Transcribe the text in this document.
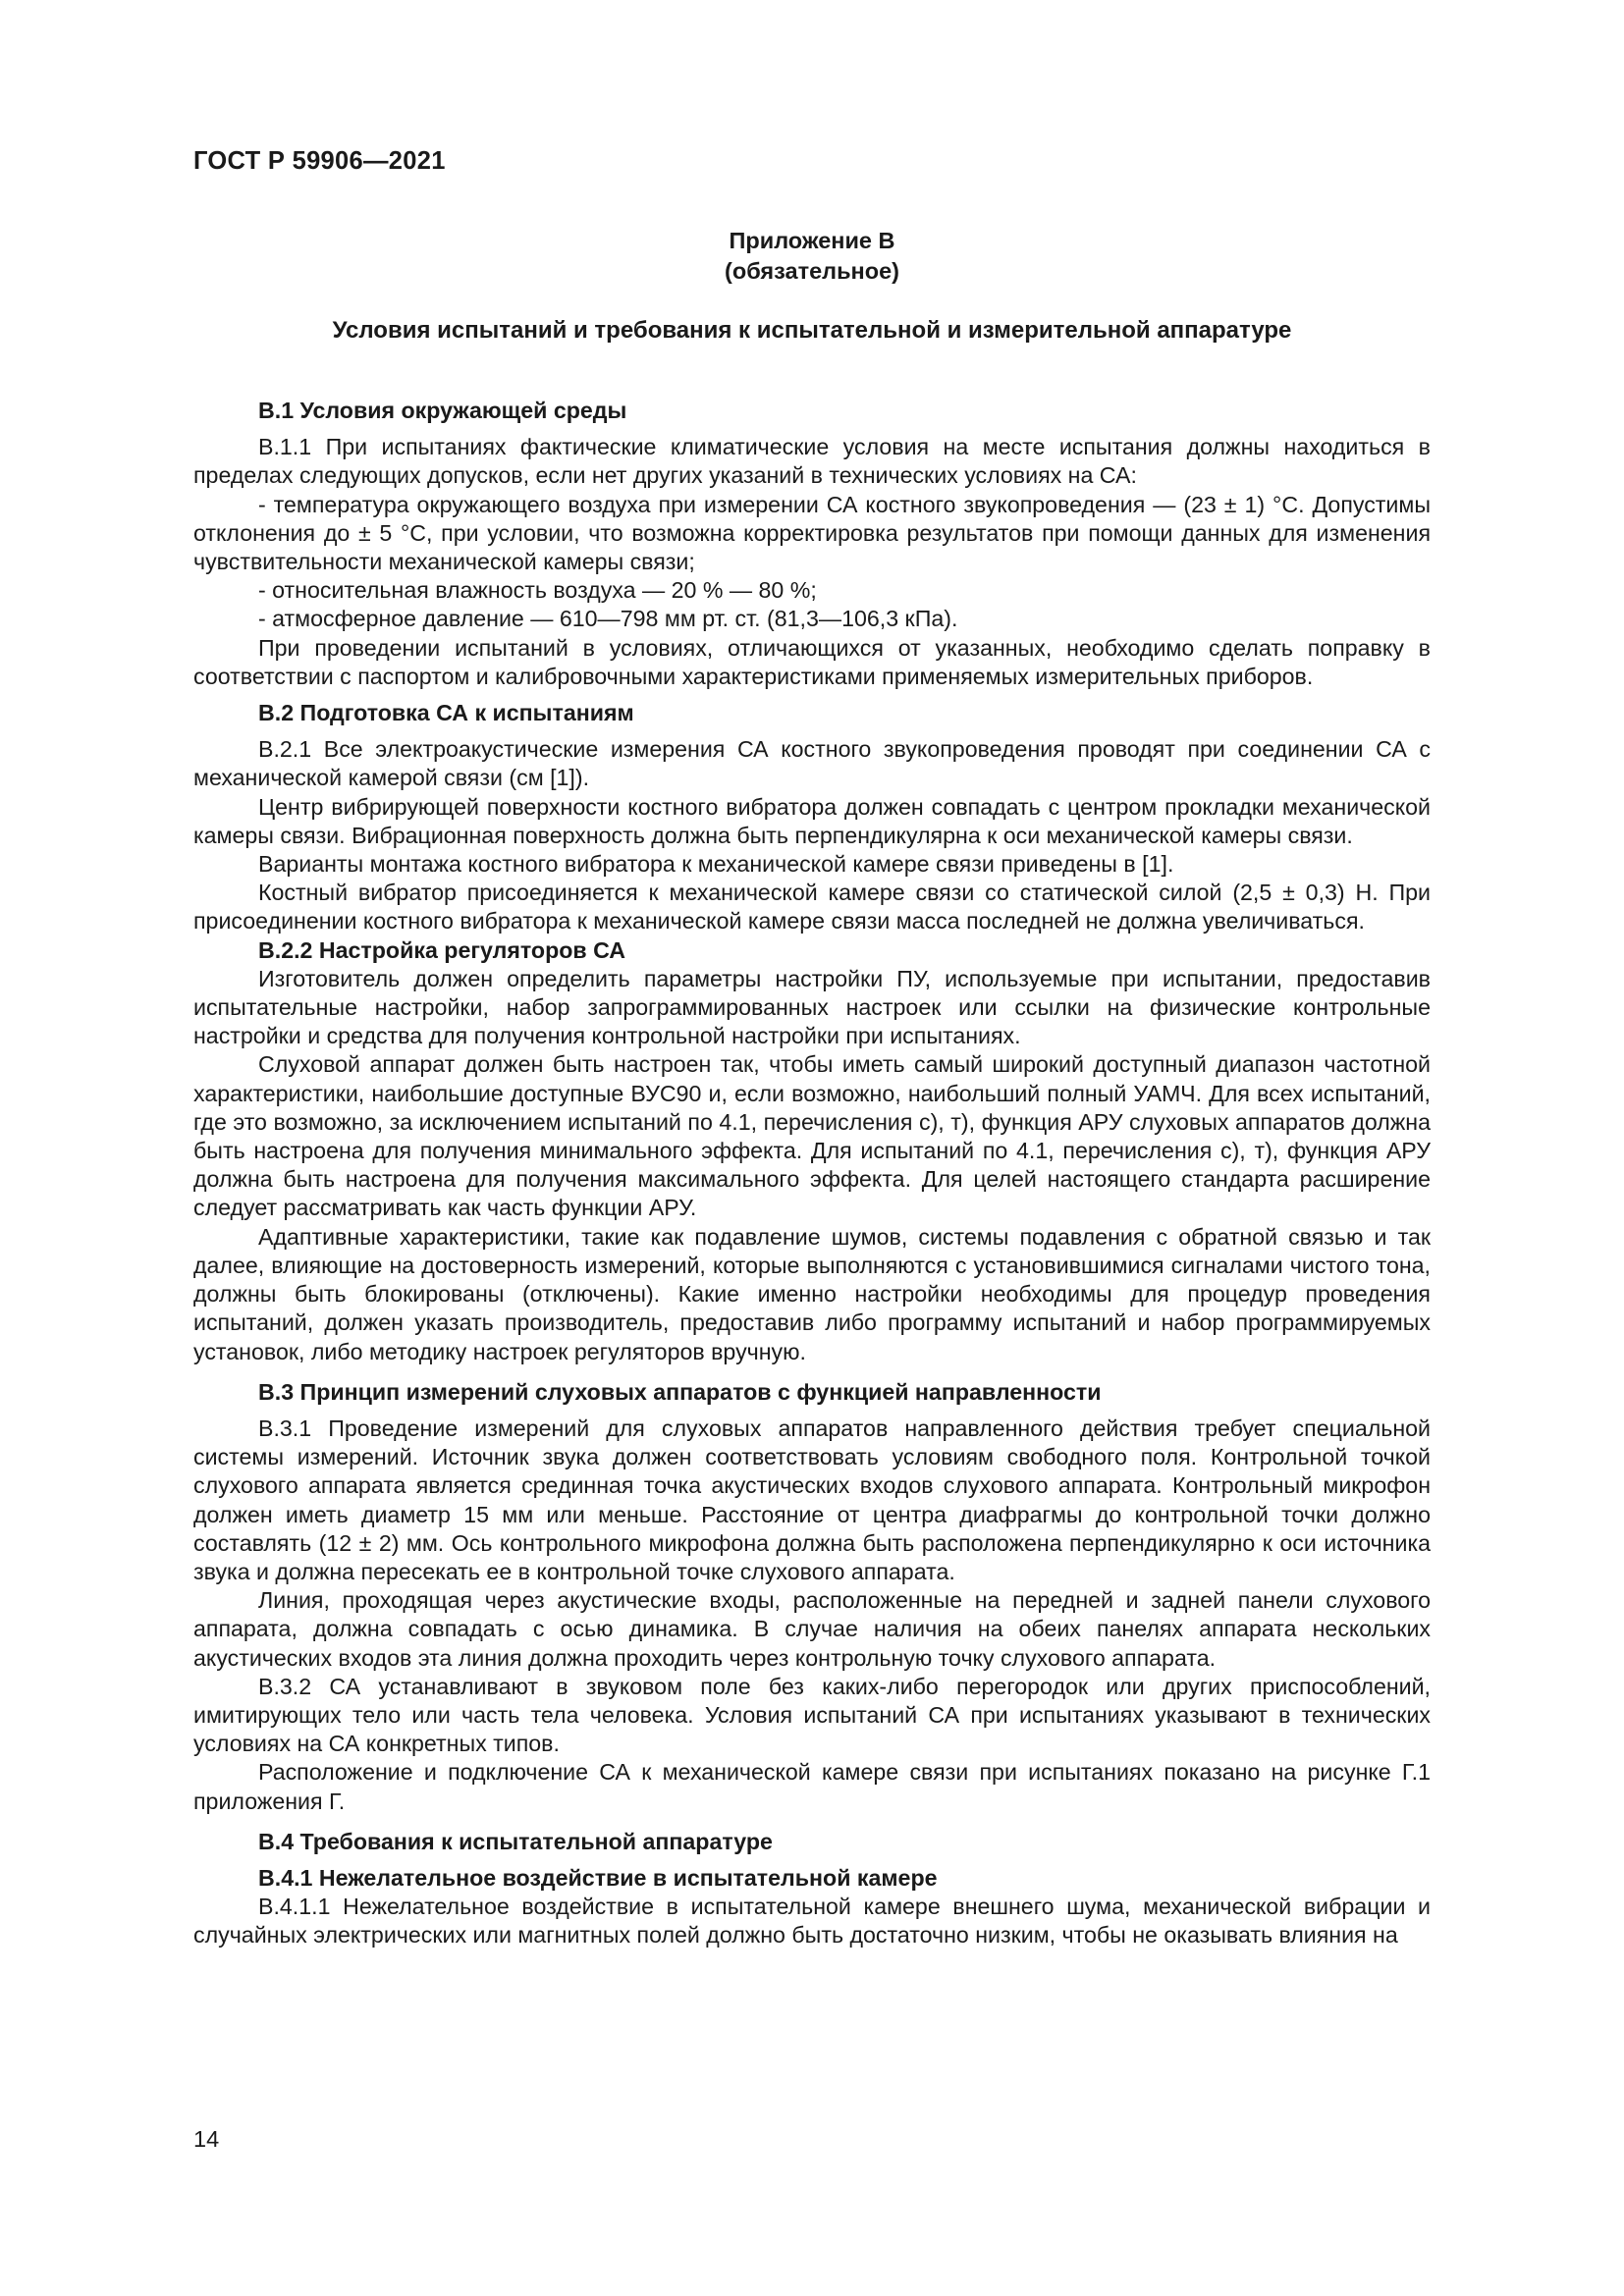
ГОСТ Р 59906—2021
Приложение В
(обязательное)
Условия испытаний и требования к испытательной и измерительной аппаратуре
В.1 Условия окружающей среды

В.1.1 При испытаниях фактические климатические условия на месте испытания должны находиться в пределах следующих допусков, если нет других указаний в технических условиях на СА:

- температура окружающего воздуха при измерении СА костного звукопроведения — (23 ± 1) °С. Допустимы отклонения до ± 5 °С, при условии, что возможна корректировка результатов при помощи данных для изменения чувствительности механической камеры связи;

- относительная влажность воздуха — 20 % — 80 %;

- атмосферное давление — 610—798 мм рт. ст. (81,3—106,3 кПа).

При проведении испытаний в условиях, отличающихся от указанных, необходимо сделать поправку в соответствии с паспортом и калибровочными характеристиками применяемых измерительных приборов.

В.2 Подготовка СА к испытаниям

В.2.1 Все электроакустические измерения СА костного звукопроведения проводят при соединении СА с механической камерой связи (см [1]).

Центр вибрирующей поверхности костного вибратора должен совпадать с центром прокладки механической камеры связи. Вибрационная поверхность должна быть перпендикулярна к оси механической камеры связи.

Варианты монтажа костного вибратора к механической камере связи приведены в [1].

Костный вибратор присоединяется к механической камере связи со статической силой (2,5 ± 0,3) Н. При присоединении костного вибратора к механической камере связи масса последней не должна увеличиваться.

В.2.2 Настройка регуляторов СА

Изготовитель должен определить параметры настройки ПУ, используемые при испытании, предоставив испытательные настройки, набор запрограммированных настроек или ссылки на физические контрольные настройки и средства для получения контрольной настройки при испытаниях.

Слуховой аппарат должен быть настроен так, чтобы иметь самый широкий доступный диапазон частотной характеристики, наибольшие доступные ВУС90 и, если возможно, наибольший полный УАМЧ. Для всех испытаний, где это возможно, за исключением испытаний по 4.1, перечисления с), т), функция АРУ слуховых аппаратов должна быть настроена для получения минимального эффекта. Для испытаний по 4.1, перечисления с), т), функция АРУ должна быть настроена для получения максимального эффекта. Для целей настоящего стандарта расширение следует рассматривать как часть функции АРУ.

Адаптивные характеристики, такие как подавление шумов, системы подавления с обратной связью и так далее, влияющие на достоверность измерений, которые выполняются с установившимися сигналами чистого тона, должны быть блокированы (отключены). Какие именно настройки необходимы для процедур проведения испытаний, должен указать производитель, предоставив либо программу испытаний и набор программируемых установок, либо методику настроек регуляторов вручную.

В.3 Принцип измерений слуховых аппаратов с функцией направленности

В.3.1 Проведение измерений для слуховых аппаратов направленного действия требует специальной системы измерений. Источник звука должен соответствовать условиям свободного поля. Контрольной точкой слухового аппарата является срединная точка акустических входов слухового аппарата. Контрольный микрофон должен иметь диаметр 15 мм или меньше. Расстояние от центра диафрагмы до контрольной точки должно составлять (12 ± 2) мм. Ось контрольного микрофона должна быть расположена перпендикулярно к оси источника звука и должна пересекать ее в контрольной точке слухового аппарата.

Линия, проходящая через акустические входы, расположенные на передней и задней панели слухового аппарата, должна совпадать с осью динамика. В случае наличия на обеих панелях аппарата нескольких акустических входов эта линия должна проходить через контрольную точку слухового аппарата.

В.3.2 СА устанавливают в звуковом поле без каких-либо перегородок или других приспособлений, имитирующих тело или часть тела человека. Условия испытаний СА при испытаниях указывают в технических условиях на СА конкретных типов.

Расположение и подключение СА к механической камере связи при испытаниях показано на рисунке Г.1 приложения Г.

В.4 Требования к испытательной аппаратуре
В.4.1 Нежелательное воздействие в испытательной камере

В.4.1.1 Нежелательное воздействие в испытательной камере внешнего шума, механической вибрации и случайных электрических или магнитных полей должно быть достаточно низким, чтобы не оказывать влияния на

14
